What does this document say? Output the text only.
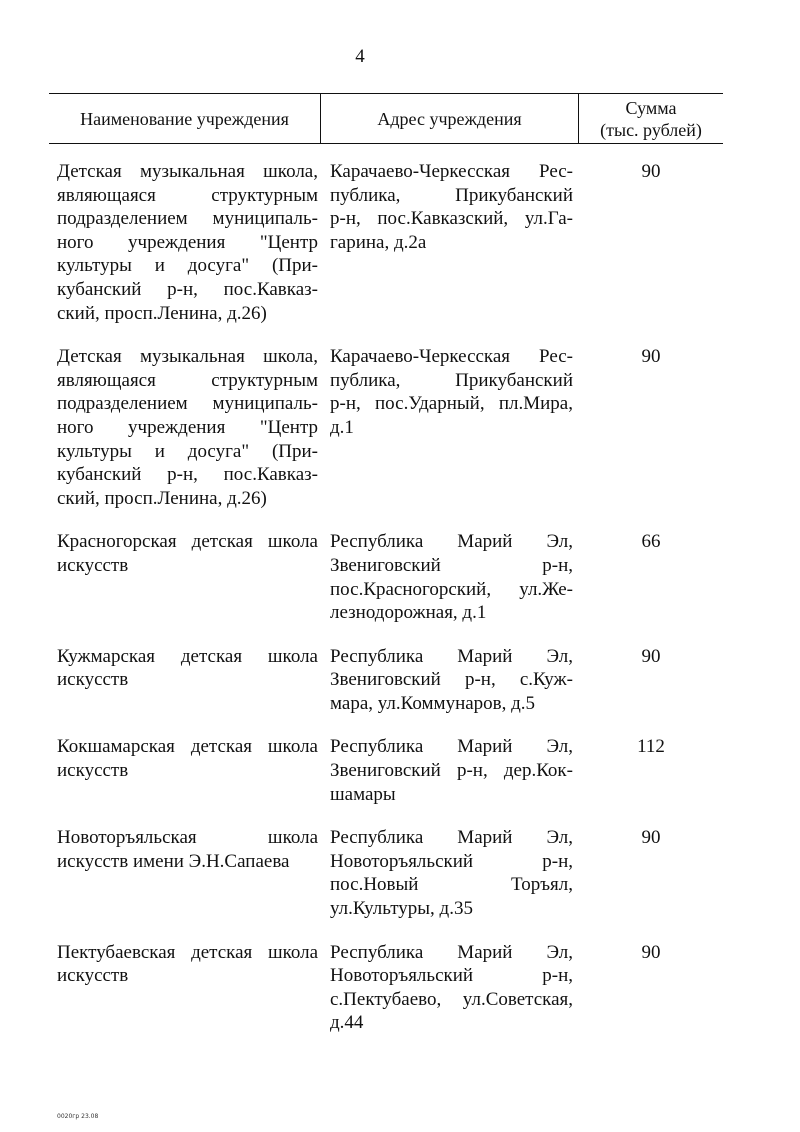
4
Наименование учреждения	Адрес учреждения
Сумма
(тыс. рублей)
Детская музыкальная школа,
являющаяся структурным
подразделением муниципаль-
ного учреждения "Центр
культуры и досуга" (При-
кубанский р-н, пос.Кавказ-
ский, просп.Ленина, д.26)
Карачаево-Черкесская Рес-
публика, Прикубанский
р-н, пос.Кавказский, ул.Га-
гарина, д.2а
90
Детская музыкальная школа,
являющаяся структурным
подразделением муниципаль-
ного учреждения "Центр
культуры и досуга" (При-
кубанский р-н, пос.Кавказ-
ский, просп.Ленина, д.26)
Карачаево-Черкесская Рес-
публика, Прикубанский
р-н, пос.Ударный, пл.Мира,
д.1
90
Красногорская детская школа
искусств
Республика Марий Эл,
Звениговский р-н,
пос.Красногорский, ул.Же-
лезнодорожная, д.1
66
Кужмарская детская школа
искусств
Республика Марий Эл,
Звениговский р-н, с.Куж-
мара, ул.Коммунаров, д.5
90
Кокшамарская детская школа
искусств
Республика Марий Эл,
Звениговский р-н, дер.Кок-
шамары
112
Новоторъяльская школа
искусств имени Э.Н.Сапаева
Республика Марий Эл,
Новоторъяльский р-н,
пос.Новый Торъял,
ул.Культуры, д.35
90
Пектубаевская детская школа
искусств
Республика Марий Эл,
Новоторъяльский р-н,
с.Пектубаево, ул.Советская,
д.44
90
0020гр 23.08
